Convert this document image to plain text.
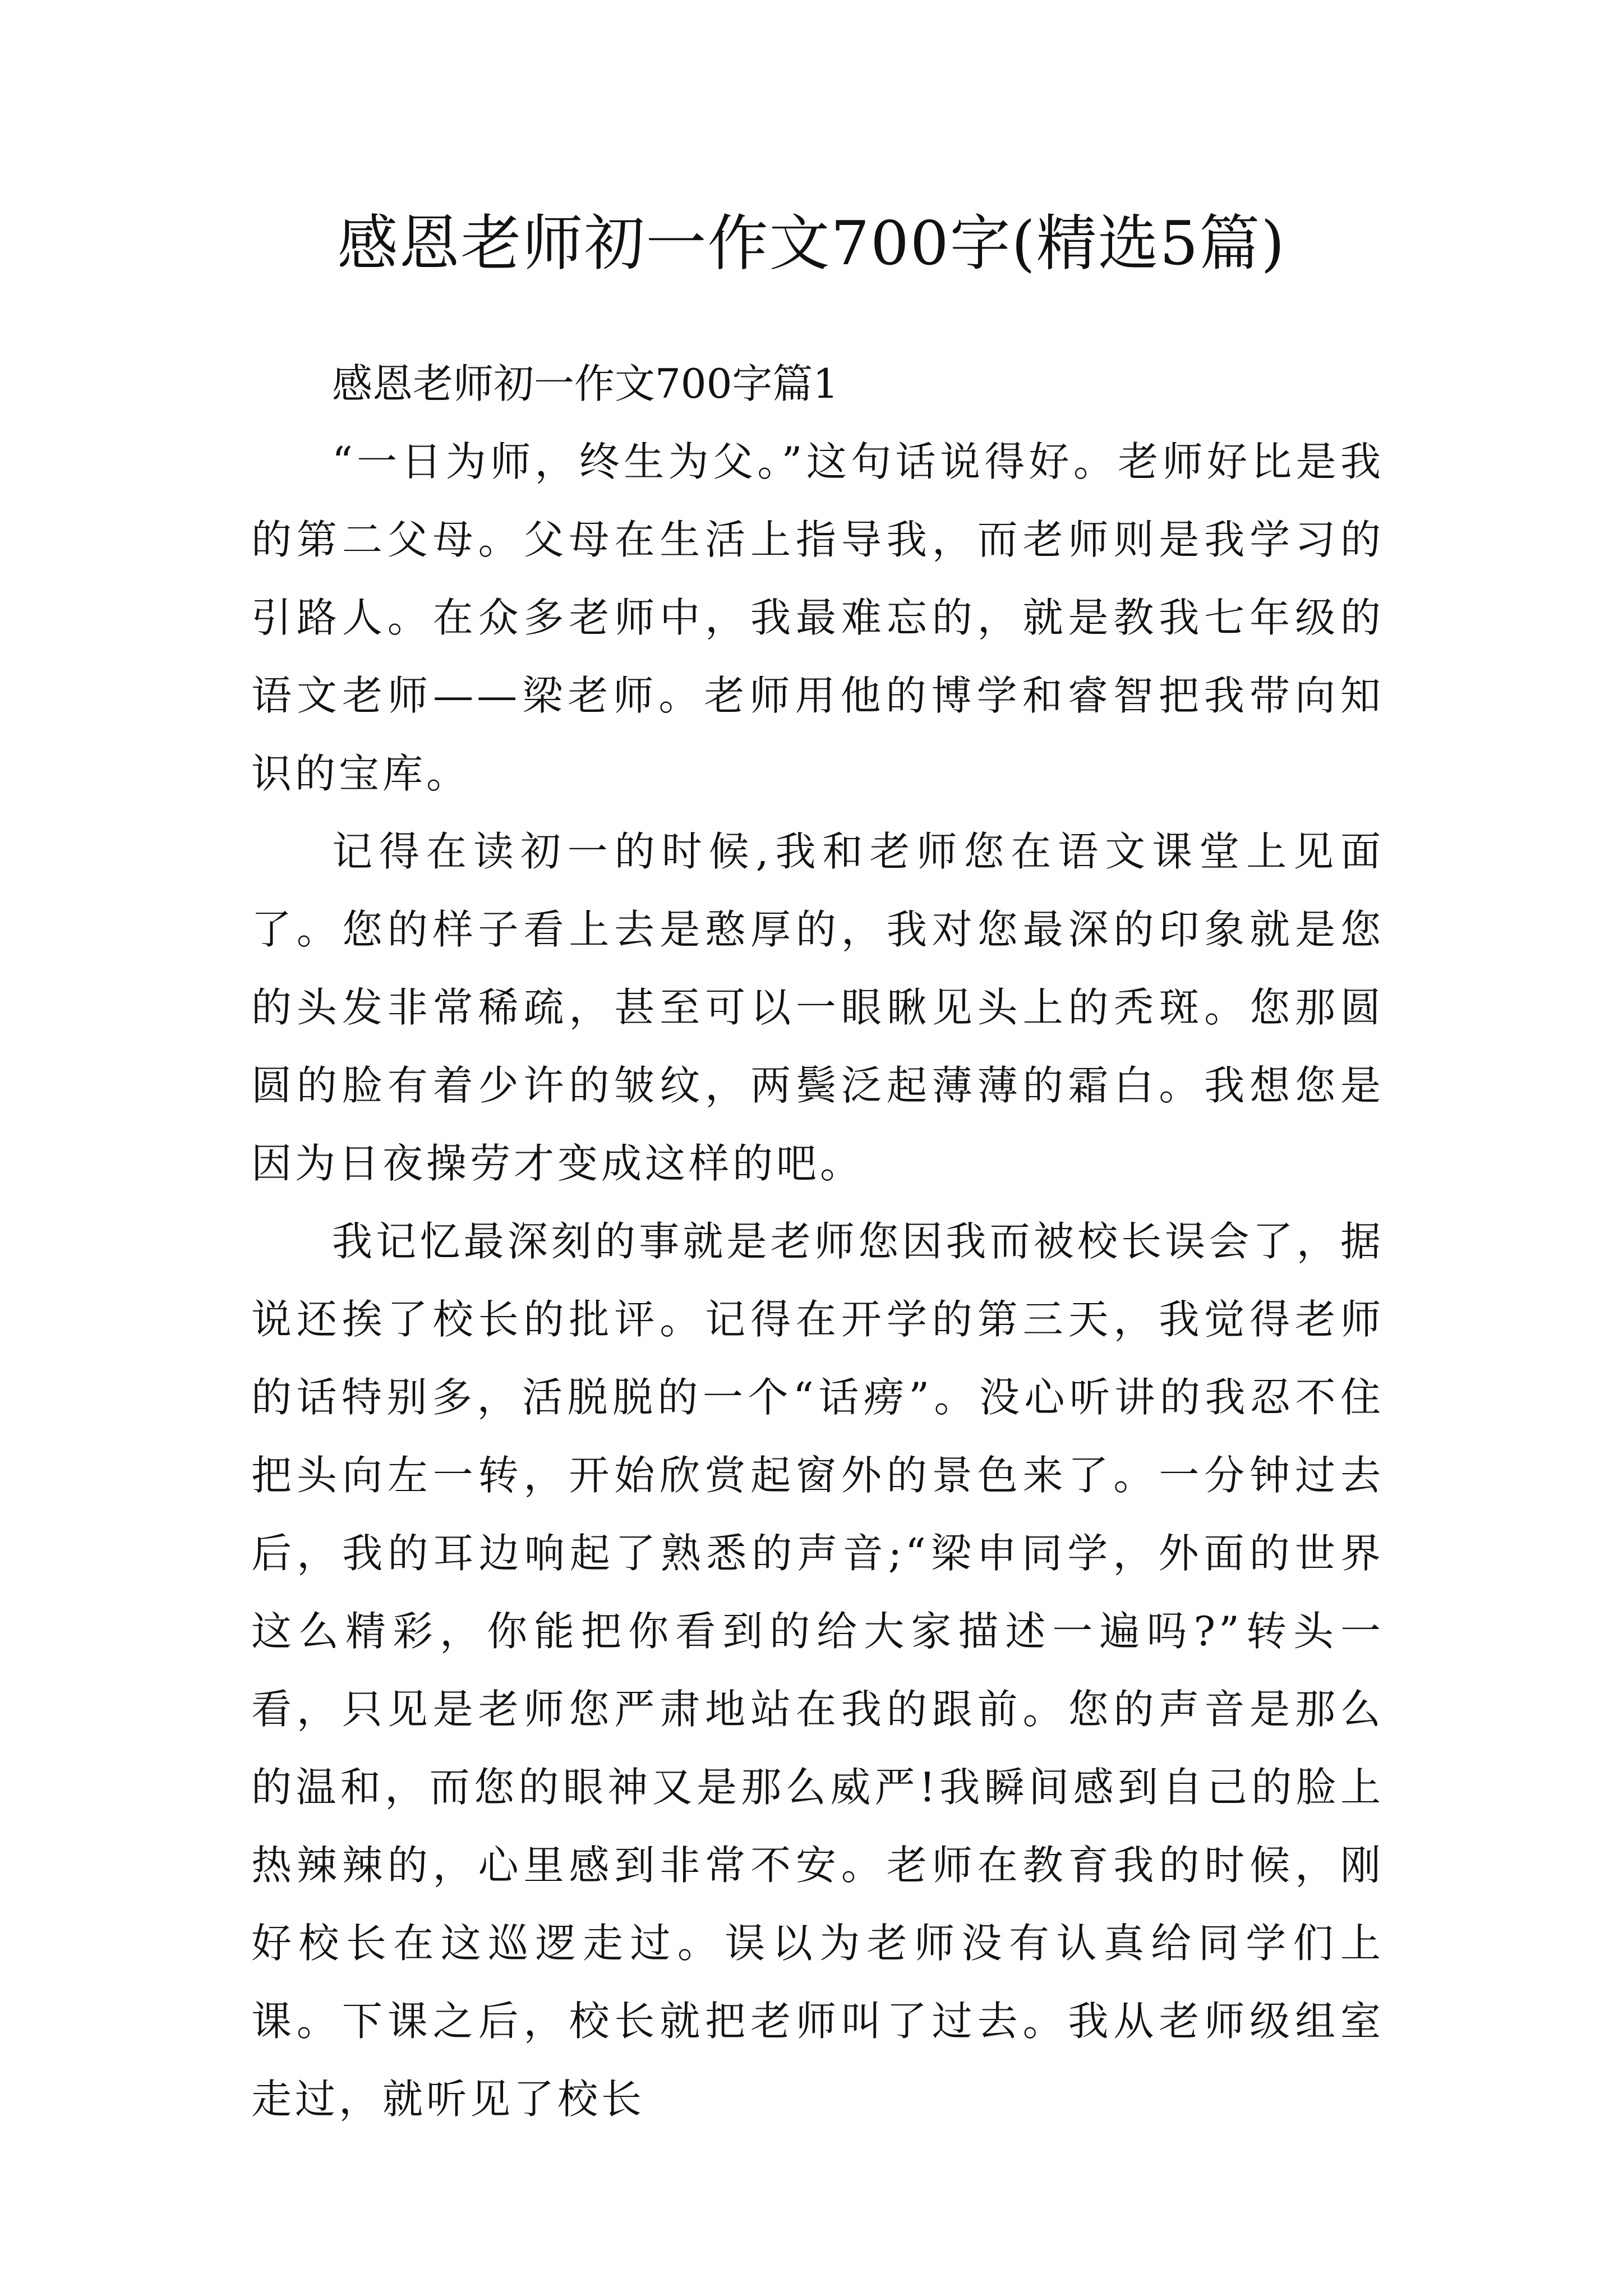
感恩老师初一作文700字(精选5篇)
感恩老师初一作文700字篇1

“一日为师，终生为父。”这句话说得好。老师好比是我的第二父母。父母在生活上指导我，而老师则是我学习的引路人。在众多老师中，我最难忘的，就是教我七年级的语文老师——梁老师。老师用他的博学和睿智把我带向知识的宝库。

记得在读初一的时候,我和老师您在语文课堂上见面了。您的样子看上去是憨厚的，我对您最深的印象就是您的头发非常稀疏，甚至可以一眼瞅见头上的秃斑。您那圆圆的脸有着少许的皱纹，两鬓泛起薄薄的霜白。我想您是因为日夜操劳才变成这样的吧。

我记忆最深刻的事就是老师您因我而被校长误会了，据说还挨了校长的批评。记得在开学的第三天，我觉得老师的话特别多，活脱脱的一个“话痨”。没心听讲的我忍不住把头向左一转，开始欣赏起窗外的景色来了。一分钟过去后，我的耳边响起了熟悉的声音;“梁申同学，外面的世界这么精彩，你能把你看到的给大家描述一遍吗?”转头一看，只见是老师您严肃地站在我的跟前。您的声音是那么的温和，而您的眼神又是那么威严!我瞬间感到自己的脸上热辣辣的，心里感到非常不安。老师在教育我的时候，刚好校长在这巡逻走过。误以为老师没有认真给同学们上课。下课之后，校长就把老师叫了过去。我从老师级组室走过，就听见了校长
